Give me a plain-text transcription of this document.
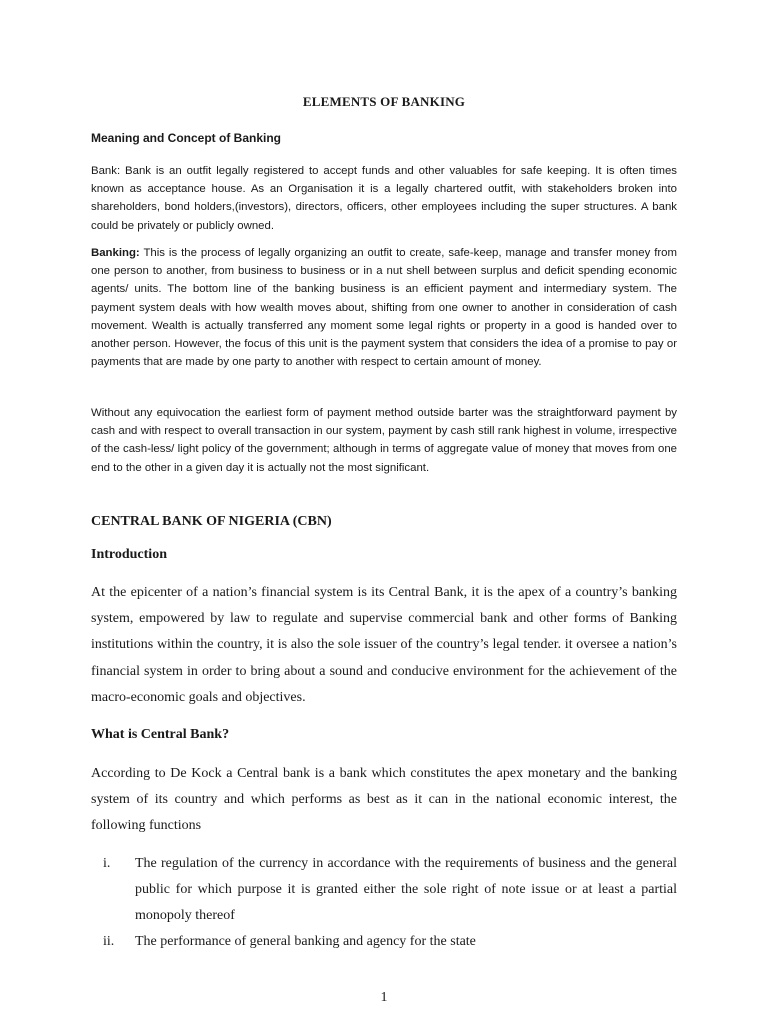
ELEMENTS OF BANKING
Meaning and Concept of Banking

Bank: Bank is an outfit legally registered to accept funds and other valuables for safe keeping. It is often times known as acceptance house. As an Organisation it is a legally chartered outfit, with stakeholders broken into shareholders, bond holders,(investors), directors, officers, other employees including the super structures. A bank could be privately or publicly owned.

Banking: This is the process of legally organizing an outfit to create, safe-keep, manage and transfer money from one person to another, from business to business or in a nut shell between surplus and deficit spending economic agents/ units. The bottom line of the banking business is an efficient payment and intermediary system. The payment system deals with how wealth moves about, shifting from one owner to another in consideration of cash movement. Wealth is actually transferred any moment some legal rights or property in a good is handed over to another person. However, the focus of this unit is the payment system that considers the idea of a promise to pay or payments that are made by one party to another with respect to certain amount of money.

Without any equivocation the earliest form of payment method outside barter was the straightforward payment by cash and with respect to overall transaction in our system, payment by cash still rank highest in volume, irrespective of the cash-less/ light policy of the government; although in terms of aggregate value of money that moves from one end to the other in a given day it is actually not the most significant.

CENTRAL BANK OF NIGERIA (CBN)
Introduction

At the epicenter of a nation’s financial system is its Central Bank, it is the apex of a country’s banking system, empowered by law to regulate and supervise commercial bank and other forms of Banking institutions within the country, it is also the sole issuer of the country’s legal tender. it oversee a nation’s financial system in order to bring about a sound and conducive environment for the achievement of the macro-economic goals and objectives.

What is Central Bank?

According to De Kock a Central bank is a bank which constitutes the apex monetary and the banking system of its country and which performs as best as it can in the national economic interest, the following functions

i.	The regulation of the currency in accordance with the requirements of business and the general public for which purpose it is granted either the sole right of note issue or at least a partial monopoly thereof
ii.	The performance of general banking and agency for the state
1
